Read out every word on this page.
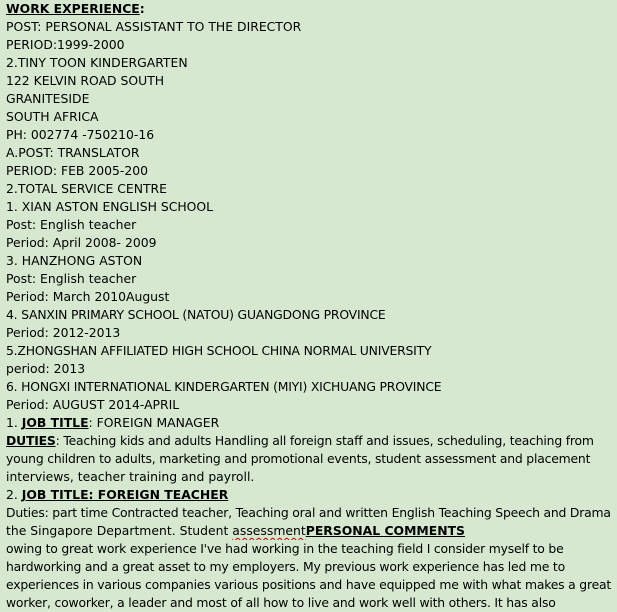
WORK EXPERIENCE:
POST: PERSONAL ASSISTANT TO THE DIRECTOR
PERIOD:1999-2000
2.TINY TOON KINDERGARTEN
122 KELVIN ROAD SOUTH
GRANITESIDE
SOUTH AFRICA
PH: 002774 -750210-16
A.POST: TRANSLATOR
PERIOD: FEB 2005-200
2.TOTAL SERVICE CENTRE
1. XIAN ASTON ENGLISH SCHOOL
Post: English teacher
Period: April 2008- 2009
3. HANZHONG ASTON
Post: English teacher
Period: March 2010August
4. SANXIN PRIMARY SCHOOL (NATOU) GUANGDONG PROVINCE
Period: 2012-2013
5.ZHONGSHAN AFFILIATED HIGH SCHOOL CHINA NORMAL UNIVERSITY
period: 2013
6. HONGXI INTERNATIONAL KINDERGARTEN (MIYI) XICHUANG PROVINCE
Period: AUGUST 2014-APRIL
1. JOB TITLE: FOREIGN MANAGER
DUTIES: Teaching kids and adults Handling all foreign staff and issues, scheduling, teaching from
young children to adults, marketing and promotional events, student assessment and placement
interviews, teacher training and payroll.
2. JOB TITLE: FOREIGN TEACHER
Duties: part time Contracted teacher, Teaching oral and written English Teaching Speech and Drama
the Singapore Department. Student assessmentPERSONAL COMMENTS
owing to great work experience I've had working in the teaching field I consider myself to be
hardworking and a great asset to my employers. My previous work experience has led me to
experiences in various companies various positions and have equipped me with what makes a great
worker, coworker, a leader and most of all how to live and work well with others. It has also
